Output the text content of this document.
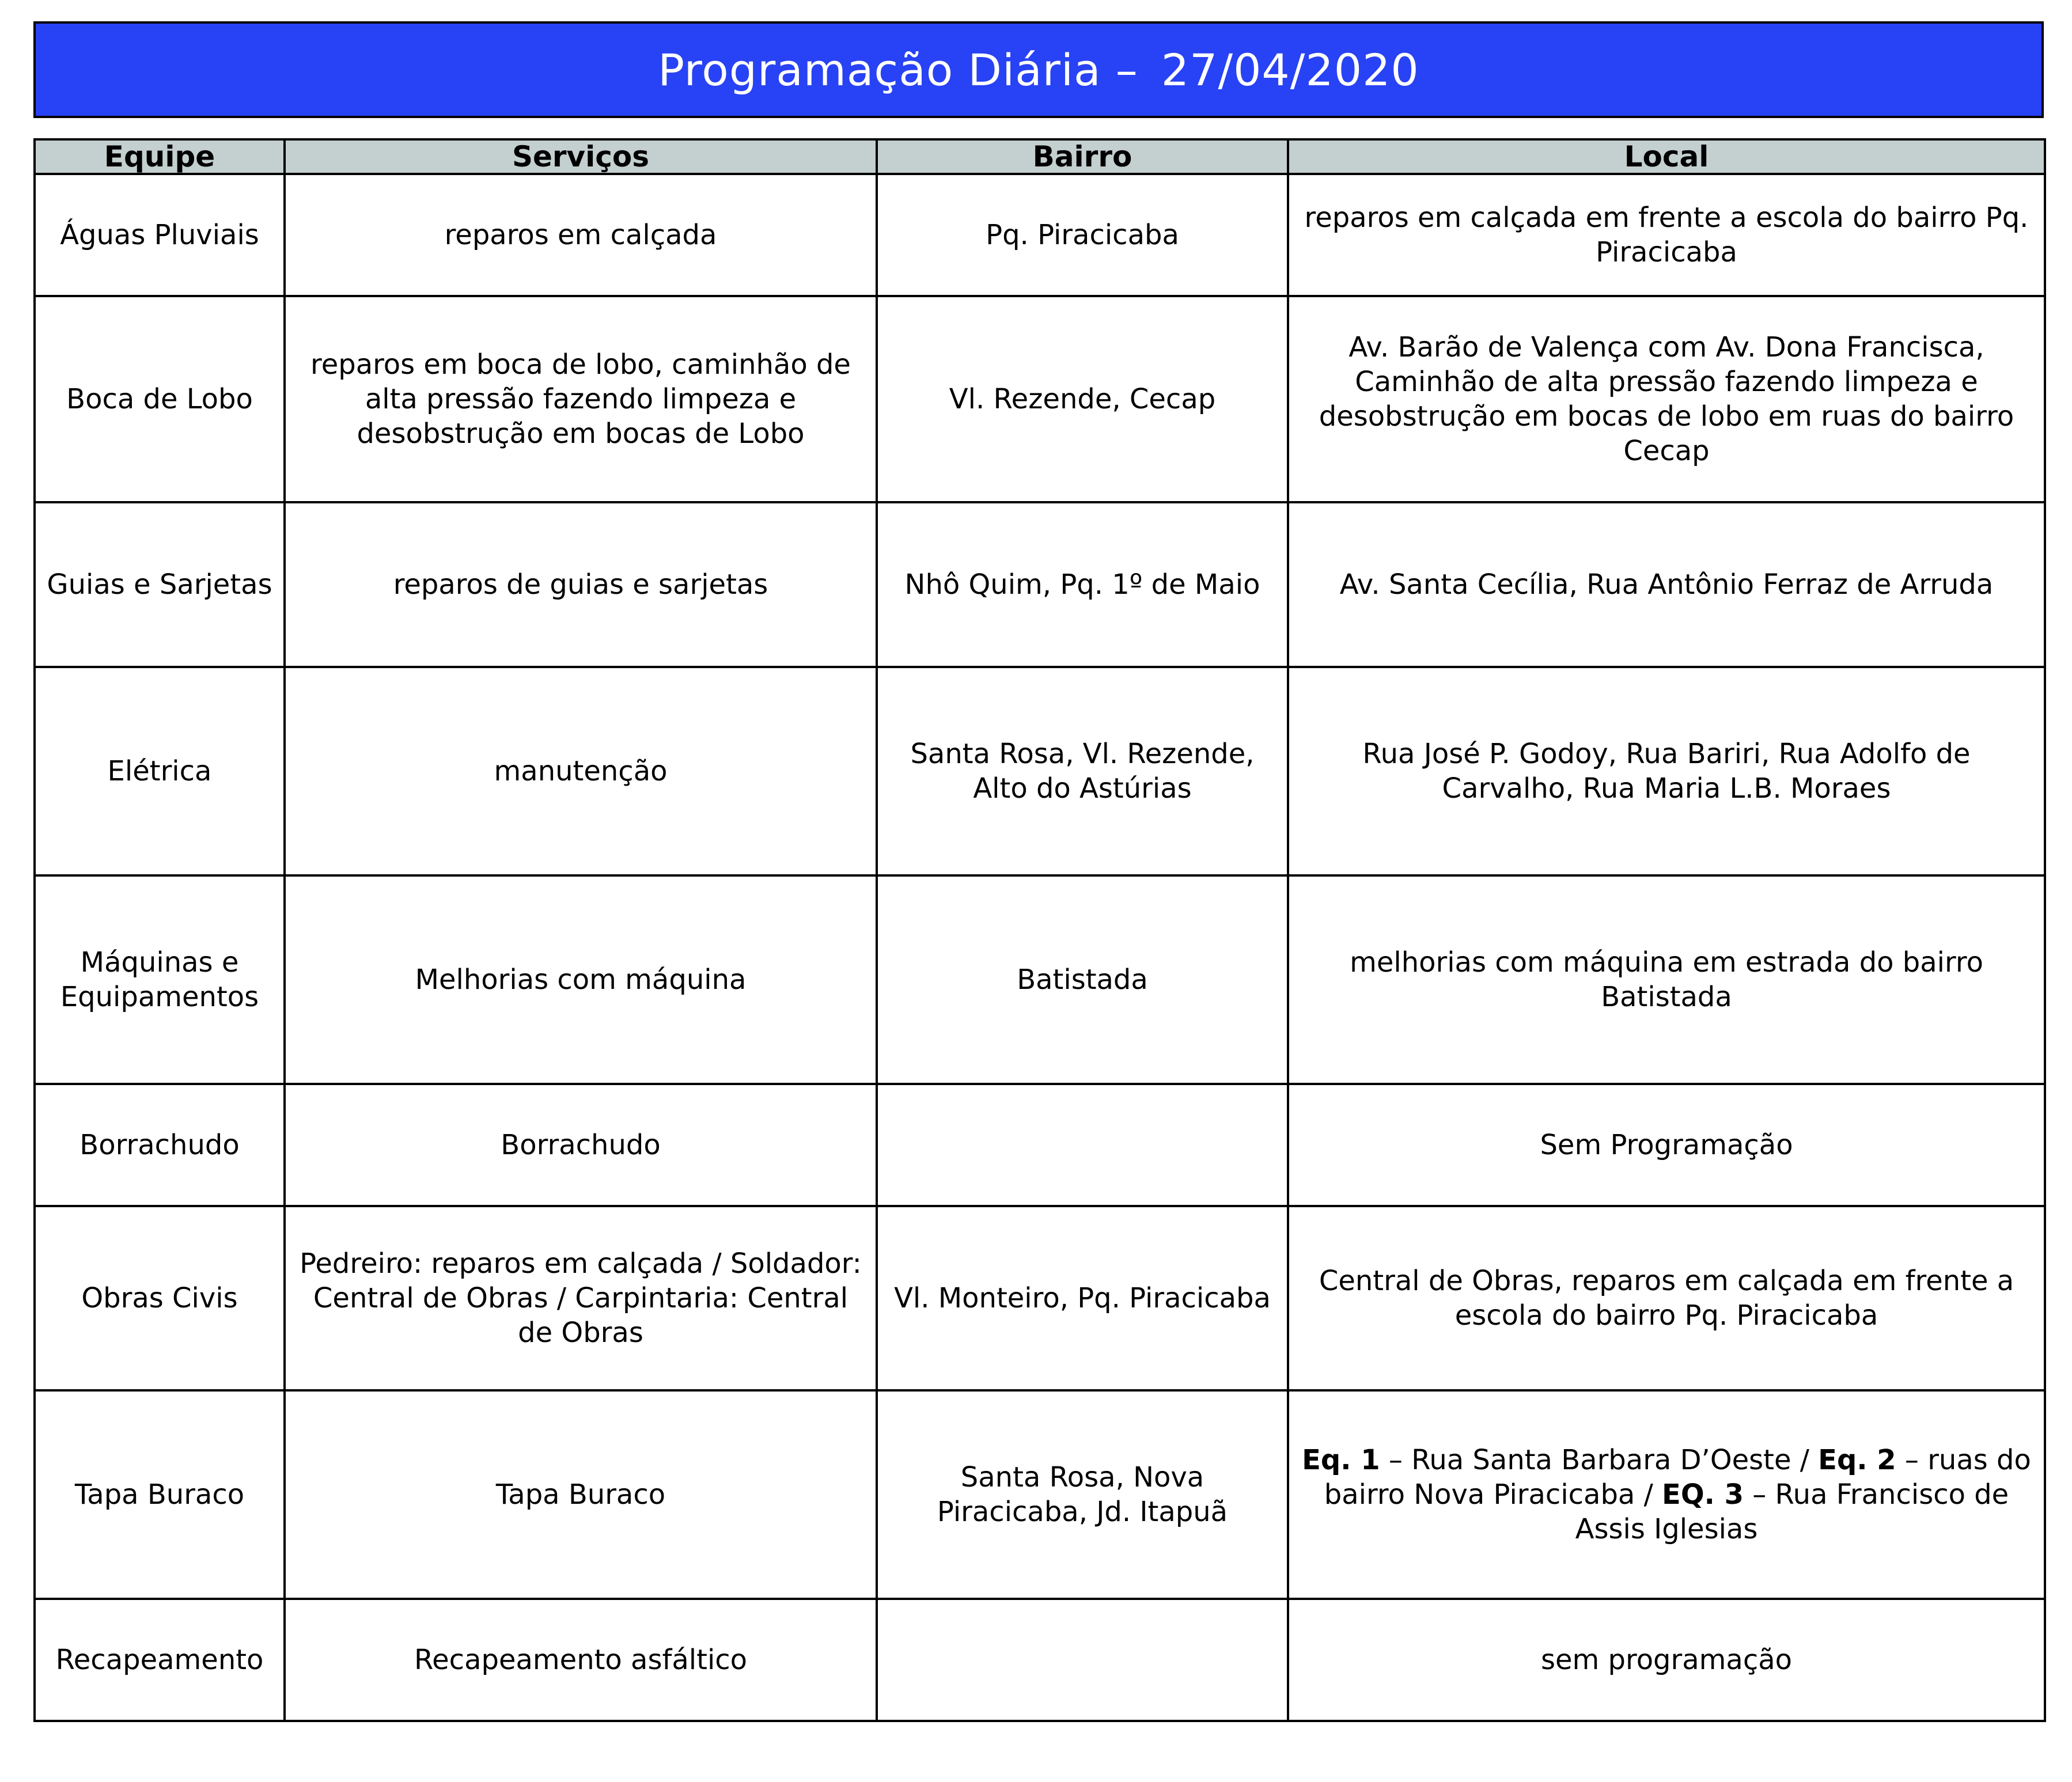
Programação Diária – 27/04/2020
Equipe	Serviços	Bairro	Local
Águas Pluviais	reparos em calçada	Pq. Piracicaba	reparos em calçada em frente a escola do bairro Pq. Piracicaba
Boca de Lobo	reparos em boca de lobo, caminhão de alta pressão fazendo limpeza e desobstrução em bocas de Lobo	Vl. Rezende, Cecap	Av. Barão de Valença com Av. Dona Francisca, Caminhão de alta pressão fazendo limpeza e desobstrução em bocas de lobo em ruas do bairro Cecap
Guias e Sarjetas	reparos de guias e sarjetas	Nhô Quim, Pq. 1º de Maio	Av. Santa Cecília, Rua Antônio Ferraz de Arruda
Elétrica	manutenção	Santa Rosa, Vl. Rezende, Alto do Astúrias	Rua José P. Godoy, Rua Bariri, Rua Adolfo de Carvalho, Rua Maria L.B. Moraes
Máquinas e Equipamentos	Melhorias com máquina	Batistada	melhorias com máquina em estrada do bairro Batistada
Borrachudo	Borrachudo		Sem Programação
Obras Civis	Pedreiro: reparos em calçada / Soldador: Central de Obras / Carpintaria: Central de Obras	Vl. Monteiro, Pq. Piracicaba	Central de Obras, reparos em calçada em frente a escola do bairro Pq. Piracicaba
Tapa Buraco	Tapa Buraco	Santa Rosa, Nova Piracicaba, Jd. Itapuã	Eq. 1 – Rua Santa Barbara D’Oeste / Eq. 2 – ruas do bairro Nova Piracicaba / EQ. 3 – Rua Francisco de Assis Iglesias
Recapeamento	Recapeamento asfáltico		sem programação
